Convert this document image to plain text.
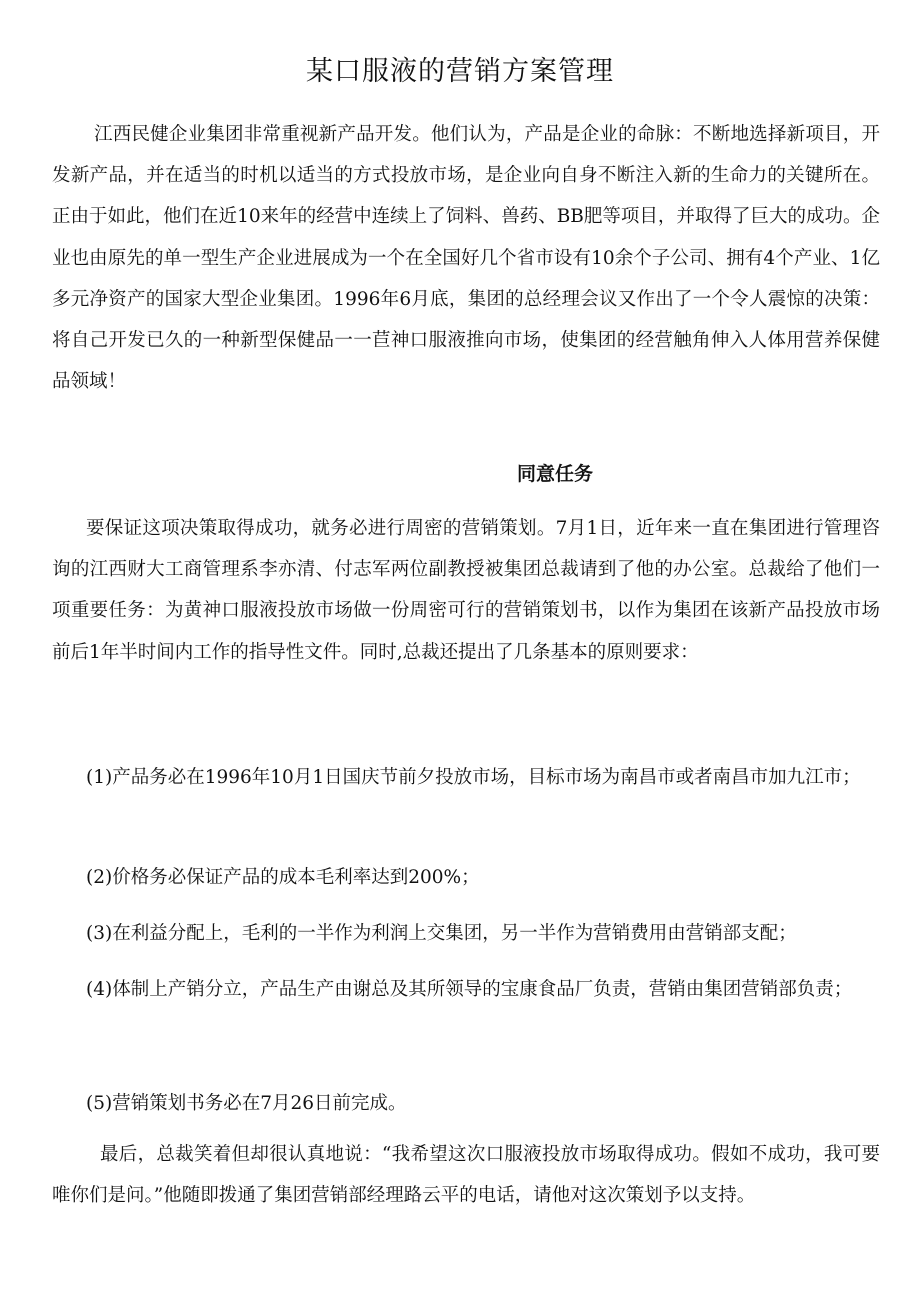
某口服液的营销方案管理

江西民健企业集团非常重视新产品开发。他们认为，产品是企业的命脉：不断地选择新项目，开发新产品，并在适当的时机以适当的方式投放市场，是企业向自身不断注入新的生命力的关键所在。正由于如此，他们在近10来年的经营中连续上了饲料、兽药、BB肥等项目，并取得了巨大的成功。企业也由原先的单一型生产企业进展成为一个在全国好几个省市设有10余个子公司、拥有4个产业、1亿多元净资产的国家大型企业集团。1996年6月底，集团的总经理会议又作出了一个令人震惊的决策：将自己开发已久的一种新型保健品一一苣神口服液推向市场，使集团的经营触角伸入人体用营养保健品领域！

同意任务

要保证这项决策取得成功，就务必进行周密的营销策划。7月1日，近年来一直在集团进行管理咨询的江西财大工商管理系李亦清、付志军两位副教授被集团总裁请到了他的办公室。总裁给了他们一项重要任务：为黄神口服液投放市场做一份周密可行的营销策划书，以作为集团在该新产品投放市场前后1年半时间内工作的指导性文件。同时,总裁还提出了几条基本的原则要求：

(1)产品务必在1996年10月1日国庆节前夕投放市场，目标市场为南昌市或者南昌市加九江市；

(2)价格务必保证产品的成本毛利率达到200%；

(3)在利益分配上，毛利的一半作为利润上交集团，另一半作为营销费用由营销部支配；

(4)体制上产销分立，产品生产由谢总及其所领导的宝康食品厂负责，营销由集团营销部负责；

(5)营销策划书务必在7月26日前完成。

最后，总裁笑着但却很认真地说：“我希望这次口服液投放市场取得成功。假如不成功，我可要唯你们是问。”他随即拨通了集团营销部经理路云平的电话，请他对这次策划予以支持。
